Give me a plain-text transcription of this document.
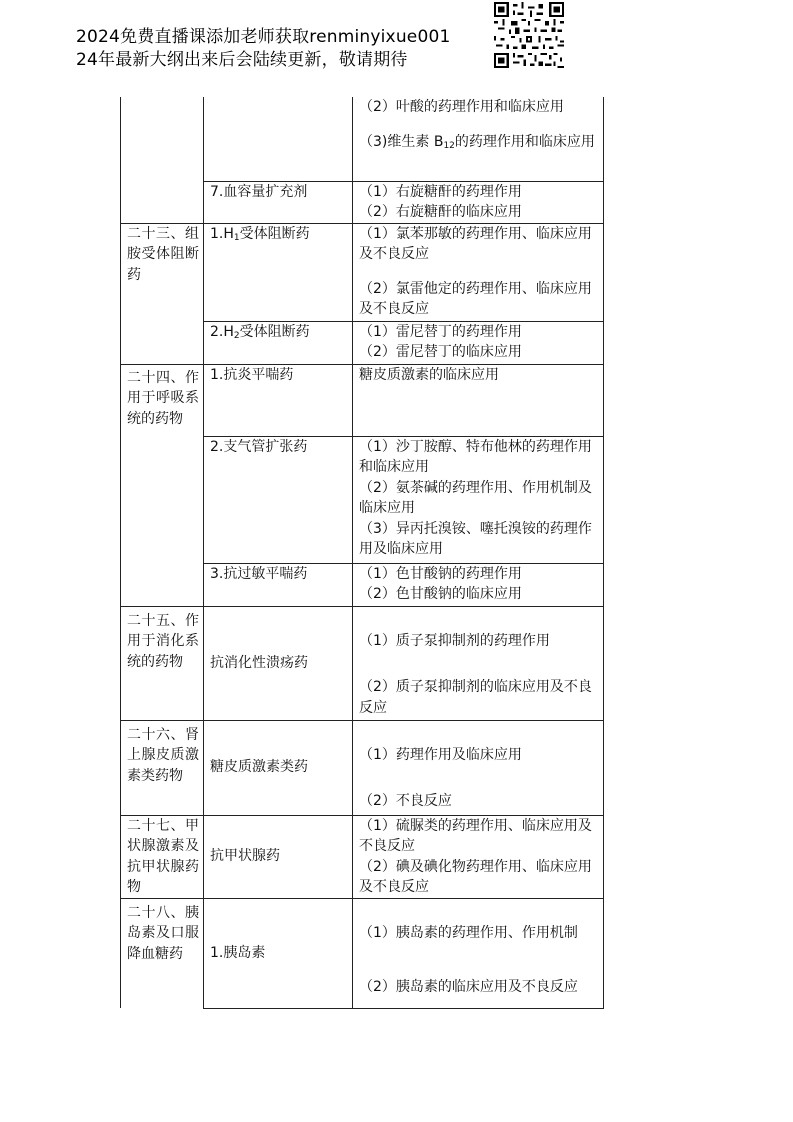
2024免费直播课添加老师获取renminyixue001
24年最新大纲出来后会陆续更新，敬请期待

		（2）叶酸的药理作用和临床应用
（3)维生素 $B_{12}$的药理作用和临床应用

	7.血容量扩充剂	（1）右旋糖酐的药理作用
（2）右旋糖酐的临床应用

二十三、组胺受体阻断药	$1.H_1$受体阻断药	（1）氯苯那敏的药理作用、临床应用及不良反应
（2）氯雷他定的药理作用、临床应用及不良反应

	$2.H_2$受体阻断药	（1）雷尼替丁的药理作用
（2）雷尼替丁的临床应用

二十四、作用于呼吸系统的药物	1.抗炎平喘药	糖皮质激素的临床应用

	2.支气管扩张药	（1）沙丁胺醇、特布他林的药理作用和临床应用
（2）氨茶碱的药理作用、作用机制及临床应用
（3）异丙托溴铵、噻托溴铵的药理作用及临床应用

	3.抗过敏平喘药	（1）色甘酸钠的药理作用
（2）色甘酸钠的临床应用

二十五、作用于消化系统的药物	抗消化性溃疡药	（1）质子泵抑制剂的药理作用
（2）质子泵抑制剂的临床应用及不良反应

二十六、肾上腺皮质激素类药物	糖皮质激素类药	（1）药理作用及临床应用
（2）不良反应

二十七、甲状腺激素及抗甲状腺药物	抗甲状腺药	（1）硫脲类的药理作用、临床应用及不良反应
（2）碘及碘化物药理作用、临床应用及不良反应

二十八、胰岛素及口服降血糖药	1.胰岛素	（1）胰岛素的药理作用、作用机制
（2）胰岛素的临床应用及不良反应
